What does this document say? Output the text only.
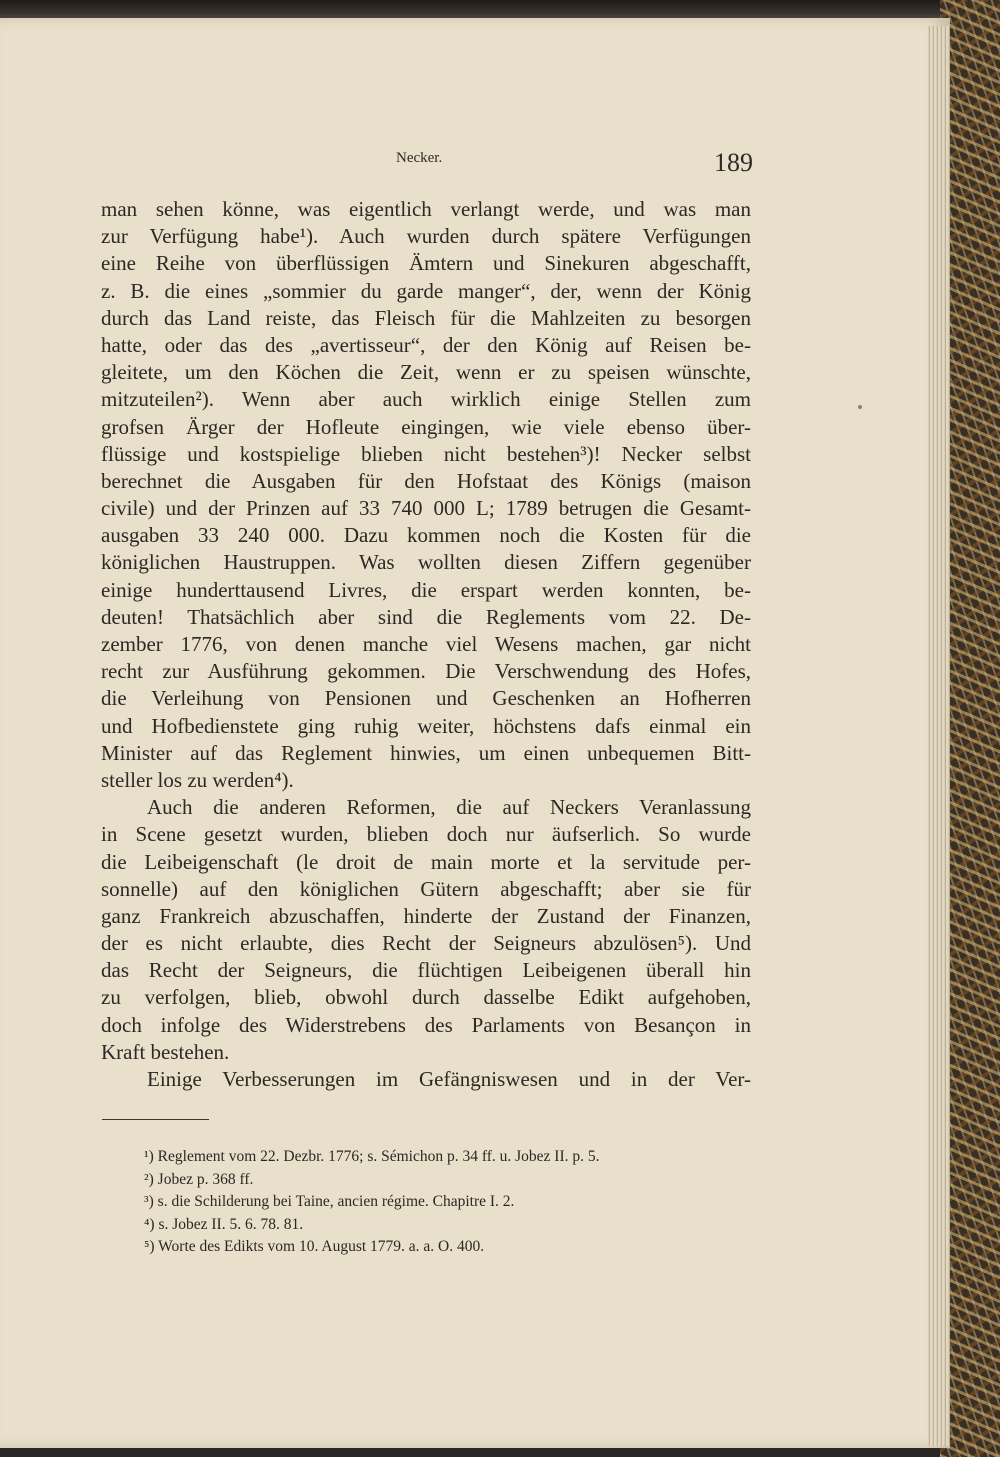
Necker.	189
man sehen könne, was eigentlich verlangt werde, und was man
zur Verfügung habe¹). Auch wurden durch spätere Verfügungen
eine Reihe von überflüssigen Ämtern und Sinekuren abgeschafft,
z. B. die eines „sommier du garde manger“, der, wenn der König
durch das Land reiste, das Fleisch für die Mahlzeiten zu besorgen
hatte, oder das des „avertisseur“, der den König auf Reisen be-
gleitete, um den Köchen die Zeit, wenn er zu speisen wünschte,
mitzuteilen²). Wenn aber auch wirklich einige Stellen zum
grofsen Ärger der Hofleute eingingen, wie viele ebenso über-
flüssige und kostspielige blieben nicht bestehen³)! Necker selbst
berechnet die Ausgaben für den Hofstaat des Königs (maison
civile) und der Prinzen auf 33 740 000 L; 1789 betrugen die Gesamt-
ausgaben 33 240 000. Dazu kommen noch die Kosten für die
königlichen Haustruppen. Was wollten diesen Ziffern gegenüber
einige hunderttausend Livres, die erspart werden konnten, be-
deuten! Thatsächlich aber sind die Reglements vom 22. De-
zember 1776, von denen manche viel Wesens machen, gar nicht
recht zur Ausführung gekommen. Die Verschwendung des Hofes,
die Verleihung von Pensionen und Geschenken an Hofherren
und Hofbedienstete ging ruhig weiter, höchstens dafs einmal ein
Minister auf das Reglement hinwies, um einen unbequemen Bitt-
steller los zu werden⁴).
Auch die anderen Reformen, die auf Neckers Veranlassung
in Scene gesetzt wurden, blieben doch nur äufserlich. So wurde
die Leibeigenschaft (le droit de main morte et la servitude per-
sonnelle) auf den königlichen Gütern abgeschafft; aber sie für
ganz Frankreich abzuschaffen, hinderte der Zustand der Finanzen,
der es nicht erlaubte, dies Recht der Seigneurs abzulösen⁵). Und
das Recht der Seigneurs, die flüchtigen Leibeigenen überall hin
zu verfolgen, blieb, obwohl durch dasselbe Edikt aufgehoben,
doch infolge des Widerstrebens des Parlaments von Besançon in
Kraft bestehen.
Einige Verbesserungen im Gefängniswesen und in der Ver-
¹) Reglement vom 22. Dezbr. 1776; s. Sémichon p. 34 ff. u. Jobez II. p. 5.
²) Jobez p. 368 ff.
³) s. die Schilderung bei Taine, ancien régime. Chapitre I. 2.
⁴) s. Jobez II. 5. 6. 78. 81.
⁵) Worte des Edikts vom 10. August 1779. a. a. O. 400.
